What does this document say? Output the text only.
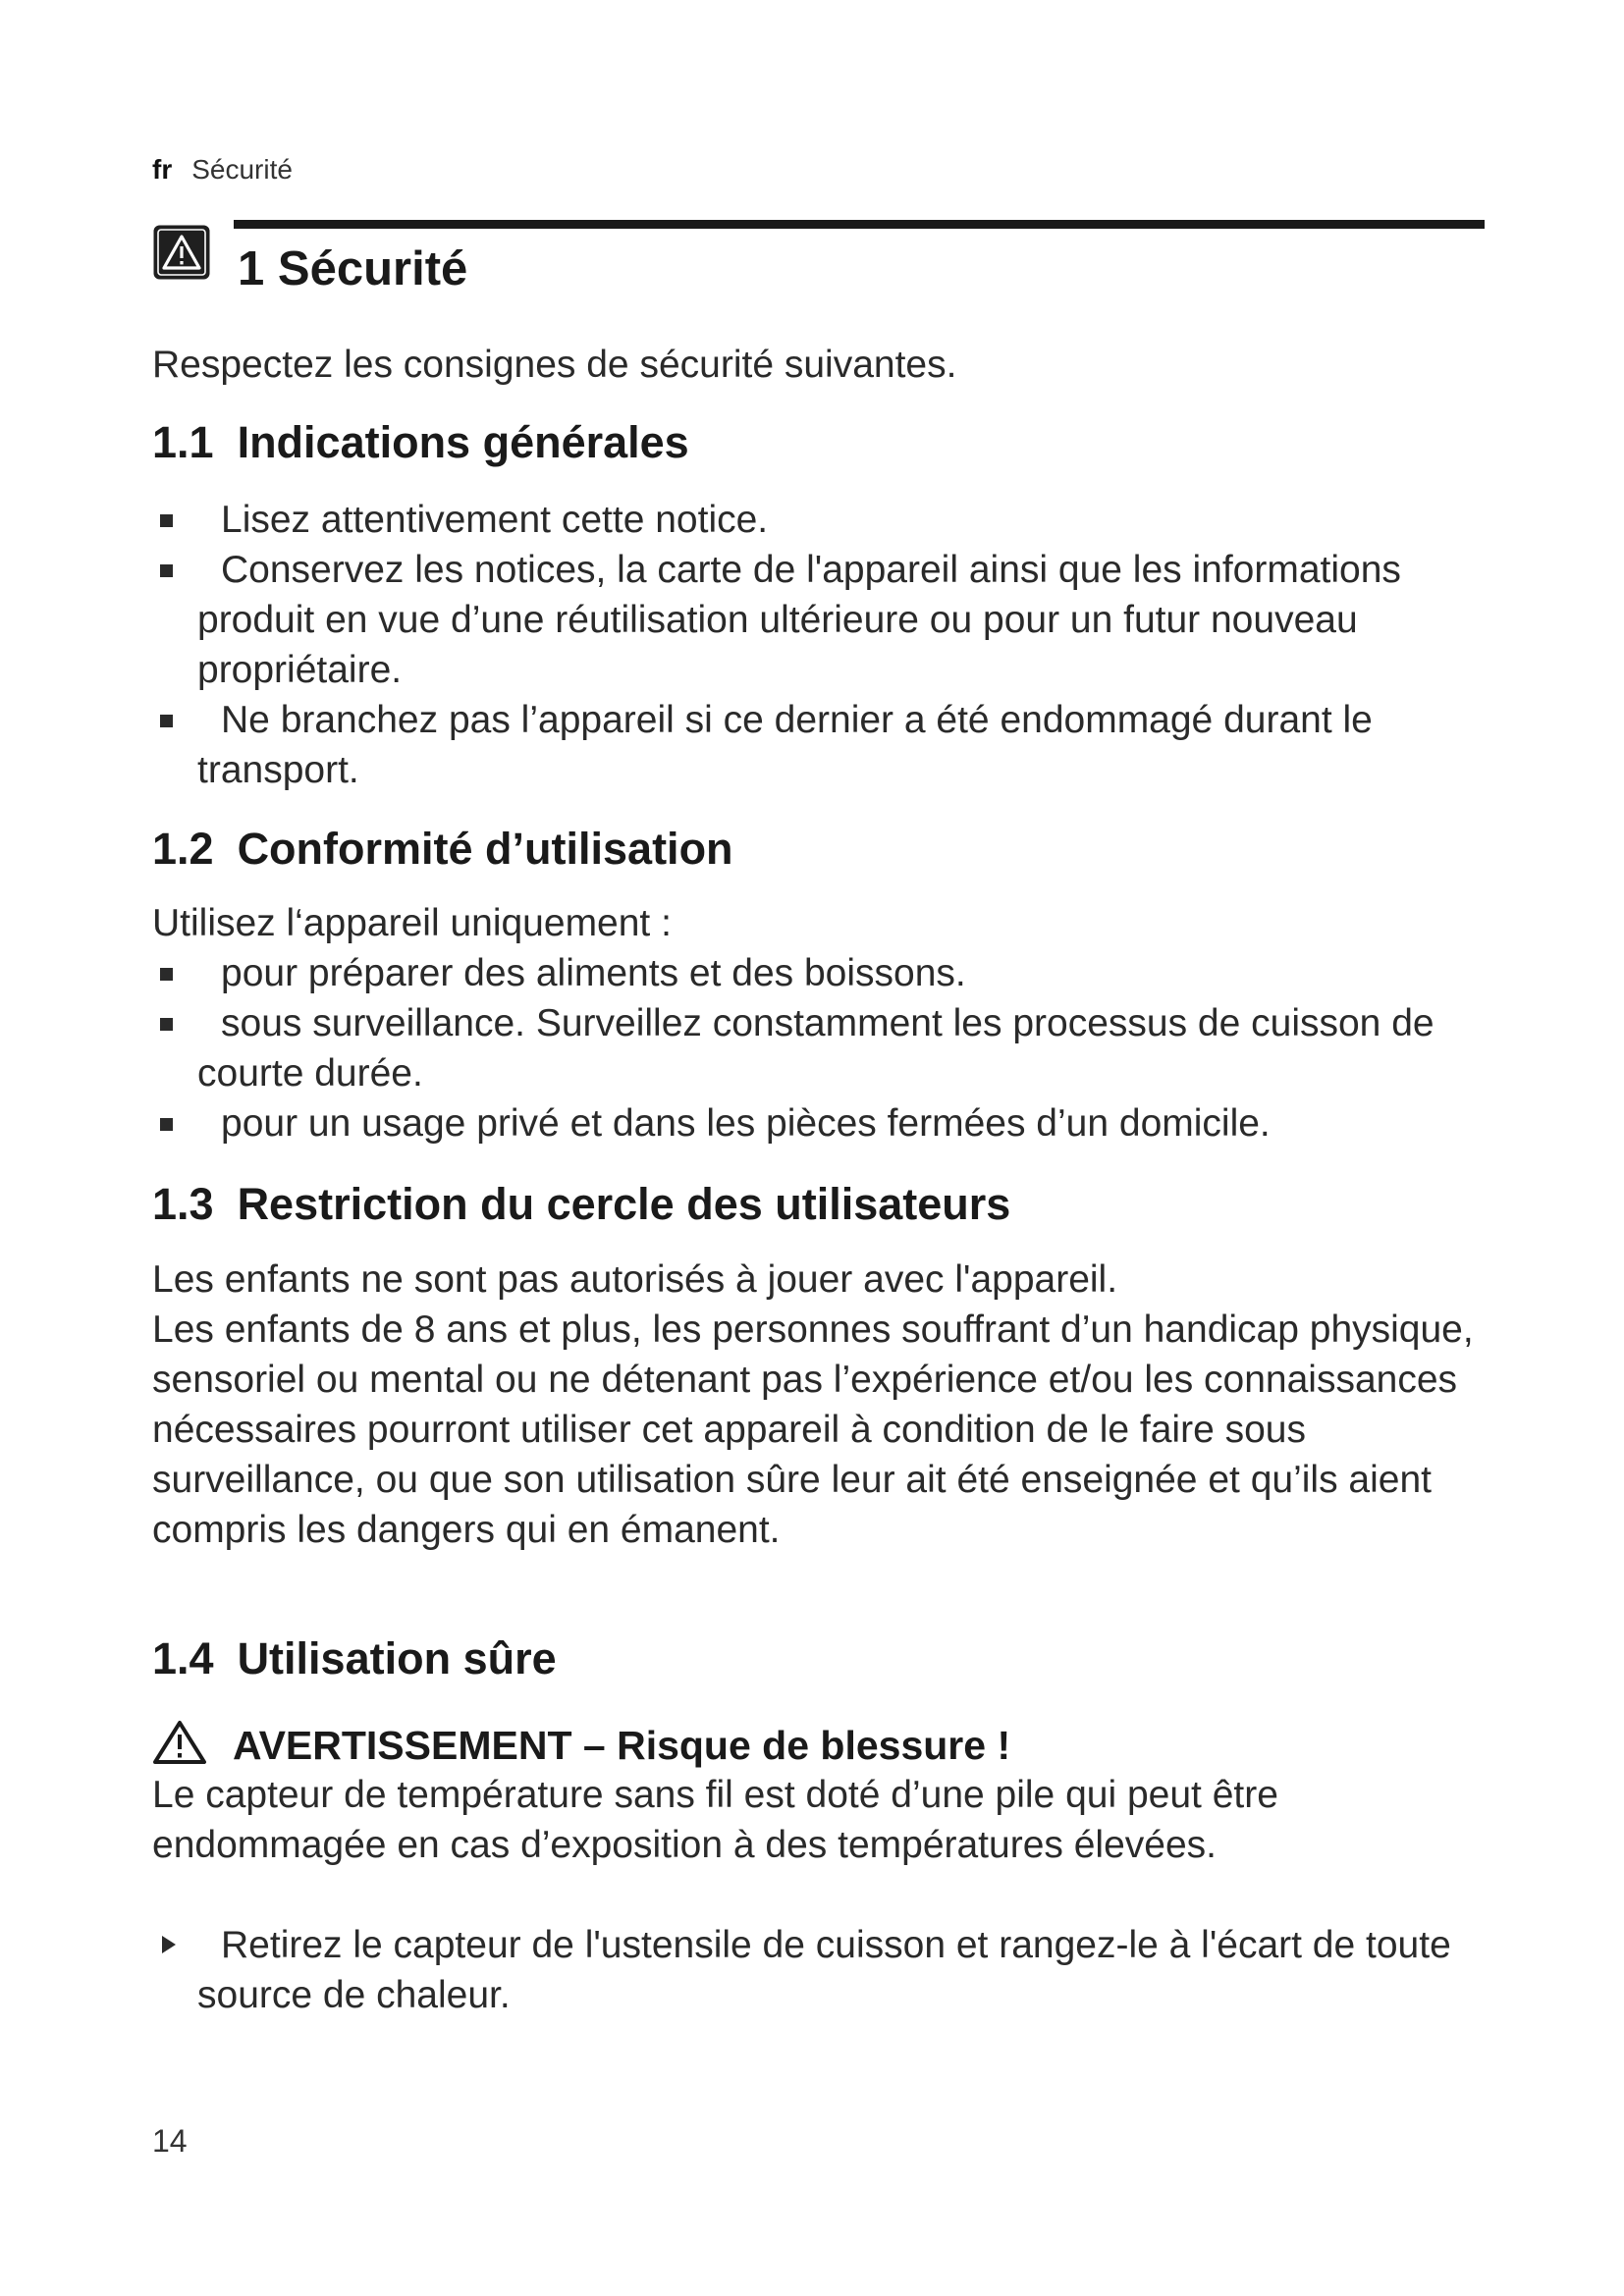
fr Sécurité
1 Sécurité

Respectez les consignes de sécurité suivantes.

1.1 Indications générales
Lisez attentivement cette notice.
Conservez les notices, la carte de l'appareil ainsi que les informations produit en vue d’une réutilisation ultérieure ou pour un futur nouveau propriétaire.
Ne branchez pas l’appareil si ce dernier a été endommagé durant le transport.
1.2 Conformité d’utilisation

Utilisez l‘appareil uniquement :

pour préparer des aliments et des boissons.
sous surveillance. Surveillez constamment les processus de cuisson de courte durée.
pour un usage privé et dans les pièces fermées d’un domicile.
1.3 Restriction du cercle des utilisateurs

Les enfants ne sont pas autorisés à jouer avec l'appareil.

Les enfants de 8 ans et plus, les personnes souffrant d’un handicap physique, sensoriel ou mental ou ne détenant pas l’expérience et/ou les connaissances nécessaires pourront utiliser cet appareil à condition de le faire sous surveillance, ou que son utilisation sûre leur ait été enseignée et qu’ils aient compris les dangers qui en émanent.

1.4 Utilisation sûre
AVERTISSEMENT – Risque de blessure !

Le capteur de température sans fil est doté d’une pile qui peut être endommagée en cas d’exposition à des températures élevées.

Retirez le capteur de l'ustensile de cuisson et rangez-le à l'écart de toute source de chaleur.

14
